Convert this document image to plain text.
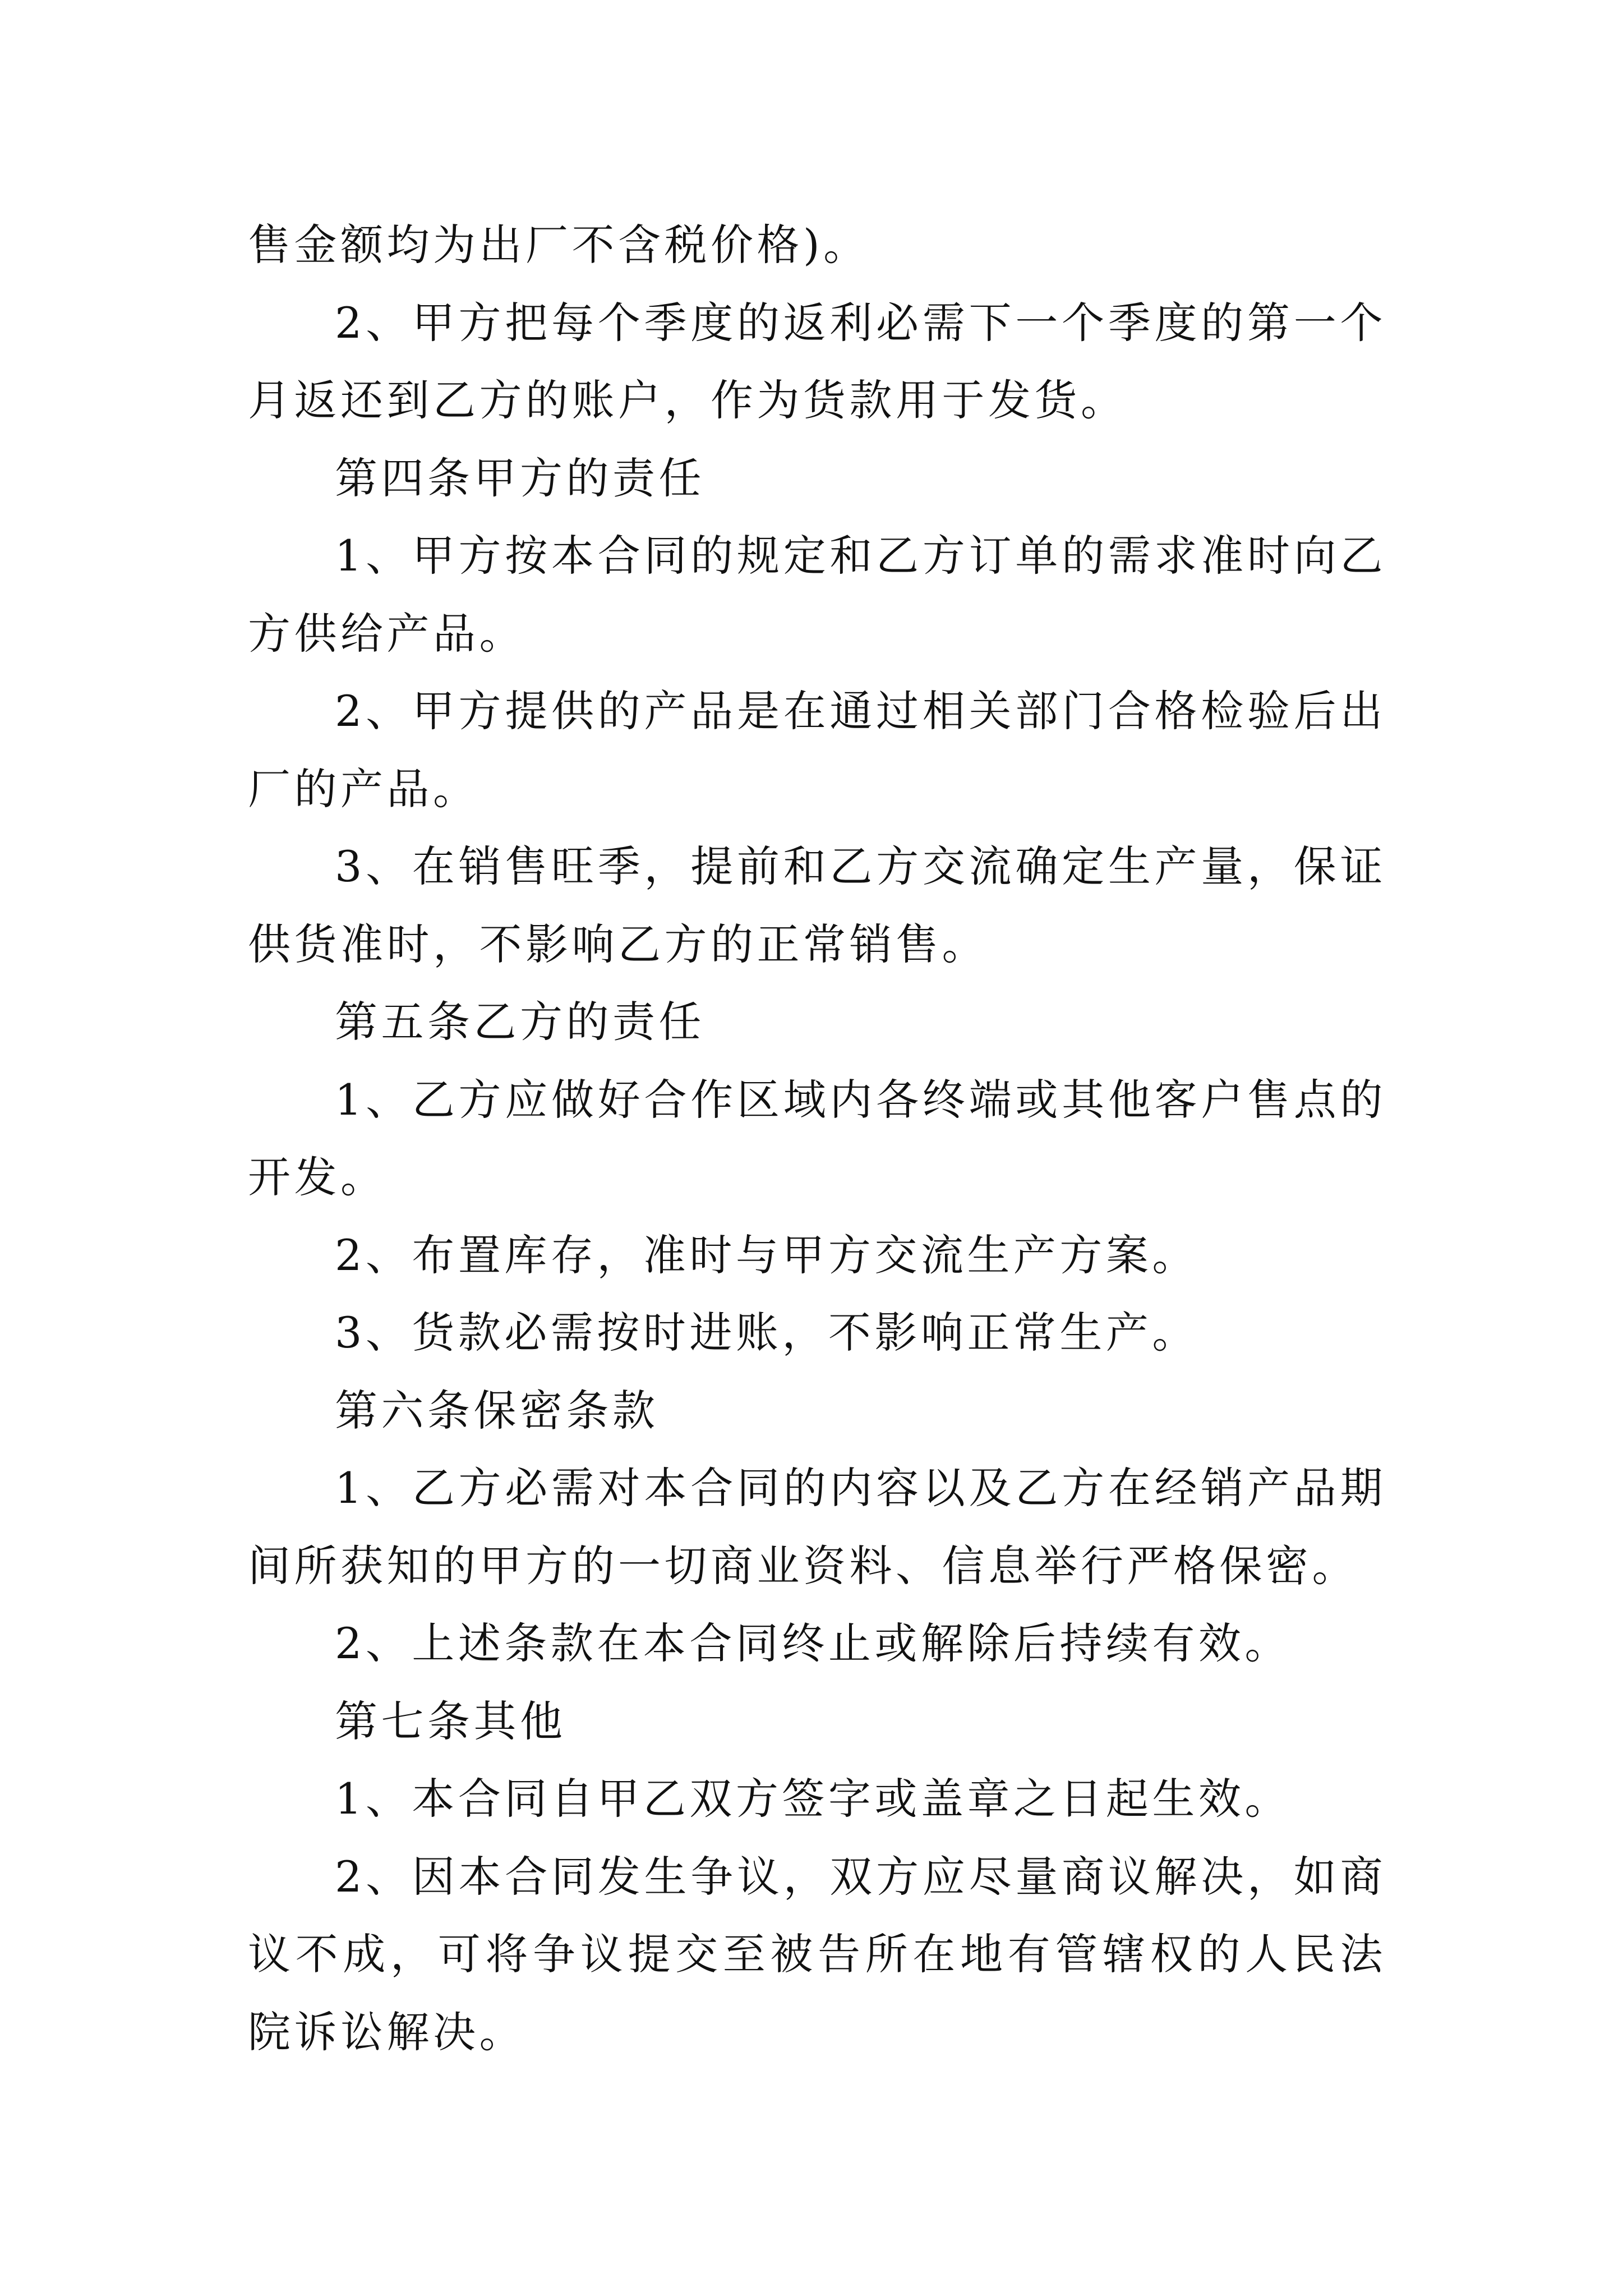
售金额均为出厂不含税价格)。

2、甲方把每个季度的返利必需下一个季度的第一个月返还到乙方的账户，作为货款用于发货。

第四条甲方的责任

1、甲方按本合同的规定和乙方订单的需求准时向乙方供给产品。

2、甲方提供的产品是在通过相关部门合格检验后出厂的产品。

3、在销售旺季，提前和乙方交流确定生产量，保证供货准时，不影响乙方的正常销售。

第五条乙方的责任

1、乙方应做好合作区域内各终端或其他客户售点的开发。

2、布置库存，准时与甲方交流生产方案。

3、货款必需按时进账，不影响正常生产。

第六条保密条款

1、乙方必需对本合同的内容以及乙方在经销产品期间所获知的甲方的一切商业资料、信息举行严格保密。

2、上述条款在本合同终止或解除后持续有效。

第七条其他

1、本合同自甲乙双方签字或盖章之日起生效。

2、因本合同发生争议，双方应尽量商议解决，如商议不成，可将争议提交至被告所在地有管辖权的人民法院诉讼解决。
